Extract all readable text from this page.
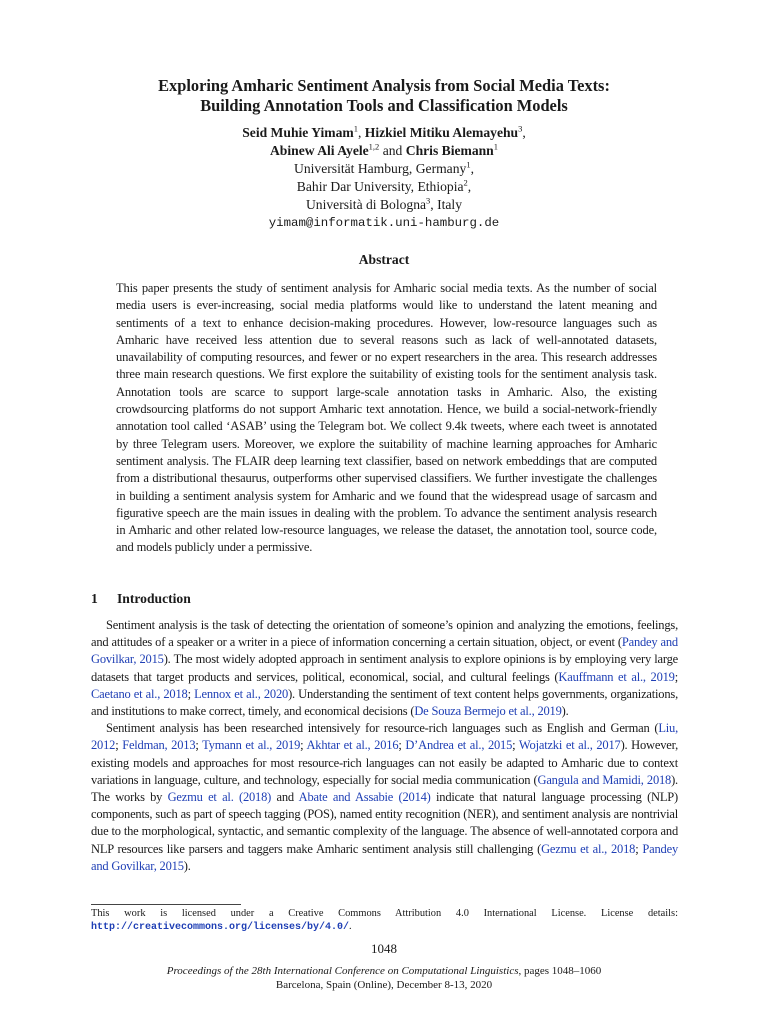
Exploring Amharic Sentiment Analysis from Social Media Texts:
Building Annotation Tools and Classification Models
Seid Muhie Yimam$^1$, Hizkiel Mitiku Alemayehu$^3$,
Abinew Ali Ayele$^{1,2}$ and Chris Biemann$^1$
Universität Hamburg, Germany$^1$,
Bahir Dar University, Ethiopia$^2$,
Università di Bologna$^3$, Italy
yimam@informatik.uni-hamburg.de
Abstract
This paper presents the study of sentiment analysis for Amharic social media texts. As the number of social media users is ever-increasing, social media platforms would like to understand the latent meaning and sentiments of a text to enhance decision-making procedures. However, low-resource languages such as Amharic have received less attention due to several reasons such as lack of well-annotated datasets, unavailability of computing resources, and fewer or no expert researchers in the area. This research addresses three main research questions. We first explore the suitability of existing tools for the sentiment analysis task. Annotation tools are scarce to support large-scale annotation tasks in Amharic. Also, the existing crowdsourcing platforms do not support Amharic text annotation. Hence, we build a social-network-friendly annotation tool called ‘ASAB’ using the Telegram bot. We collect 9.4k tweets, where each tweet is annotated by three Telegram users. Moreover, we explore the suitability of machine learning approaches for Amharic sentiment analysis. The FLAIR deep learning text classifier, based on network embeddings that are computed from a distributional thesaurus, outperforms other supervised classifiers. We further investigate the challenges in building a sentiment analysis system for Amharic and we found that the widespread usage of sarcasm and figurative speech are the main issues in dealing with the problem. To advance the sentiment analysis research in Amharic and other related low-resource languages, we release the dataset, the annotation tool, source code, and models publicly under a permissive.
1 Introduction

Sentiment analysis is the task of detecting the orientation of someone’s opinion and analyzing the emotions, feelings, and attitudes of a speaker or a writer in a piece of information concerning a certain situation, object, or event (Pandey and Govilkar, 2015). The most widely adopted approach in sentiment analysis to explore opinions is by employing very large datasets that target products and services, political, economical, social, and cultural feelings (Kauffmann et al., 2019; Caetano et al., 2018; Lennox et al., 2020). Understanding the sentiment of text content helps governments, organizations, and institutions to make correct, timely, and economical decisions (De Souza Bermejo et al., 2019).

Sentiment analysis has been researched intensively for resource-rich languages such as English and German (Liu, 2012; Feldman, 2013; Tymann et al., 2019; Akhtar et al., 2016; D’Andrea et al., 2015; Wojatzki et al., 2017). However, existing models and approaches for most resource-rich languages can not easily be adapted to Amharic due to context variations in language, culture, and technology, especially for social media communication (Gangula and Mamidi, 2018). The works by Gezmu et al. (2018) and Abate and Assabie (2014) indicate that natural language processing (NLP) components, such as part of speech tagging (POS), named entity recognition (NER), and sentiment analysis are nontrivial due to the morphological, syntactic, and semantic complexity of the language. The absence of well-annotated corpora and NLP resources like parsers and taggers make Amharic sentiment analysis still challenging (Gezmu et al., 2018; Pandey and Govilkar, 2015).

This work is licensed under a Creative Commons Attribution 4.0 International License. License details: http://creativecommons.org/licenses/by/4.0/.
1048
Proceedings of the 28th International Conference on Computational Linguistics, pages 1048–1060
Barcelona, Spain (Online), December 8-13, 2020
